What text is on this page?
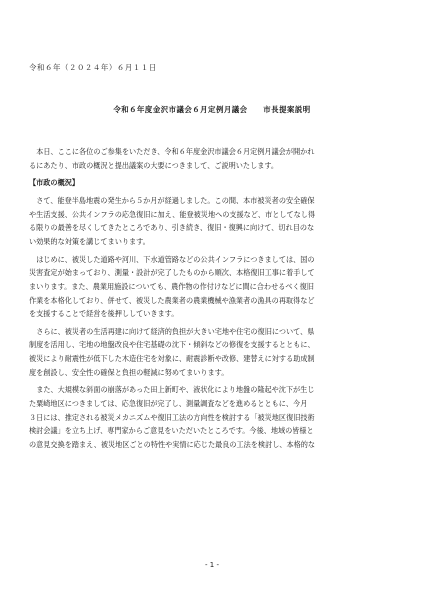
令和６年（２０２４年）６月１１日
令和６年度金沢市議会６月定例月議会　　市長提案説明
本日、ここに各位のご参集をいただき、令和６年度金沢市議会６月定例月議会が開かれ
るにあたり、市政の概況と提出議案の大要につきまして、ご説明いたします。
【市政の概況】
さて、能登半島地震の発生から５か月が経過しました。この間、本市被災者の安全確保
や生活支援、公共インフラの応急復旧に加え、能登被災地への支援など、市としてなし得
る限りの最善を尽くしてきたところであり、引き続き、復旧・復興に向けて、切れ目のな
い効果的な対策を講じてまいります。
はじめに、被災した道路や河川、下水道管路などの公共インフラにつきましては、国の
災害査定が始まっており、測量・設計が完了したものから順次、本格復旧工事に着手して
まいります。また、農業用施設についても、農作物の作付けなどに間に合わせるべく復旧
作業を本格化しており、併せて、被災した農業者の農業機械や漁業者の漁具の再取得など
を支援することで経営を後押ししていきます。
さらに、被災者の生活再建に向けて経済的負担が大きい宅地や住宅の復旧について、県
制度を活用し、宅地の地盤改良や住宅基礎の沈下・傾斜などの修復を支援するとともに、
被災により耐震性が低下した木造住宅を対象に、耐震診断や改修、建替えに対する助成制
度を創設し、安全性の確保と負担の軽減に努めてまいります。
また、大規模な斜面の崩落があった田上新町や、液状化により地盤の隆起や沈下が生じ
た粟崎地区につきましては、応急復旧が完了し、測量調査などを進めるとともに、今月
３日には、推定される被災メカニズムや復旧工法の方向性を検討する「被災地区復旧技術
検討会議」を立ち上げ、専門家からご意見をいただいたところです。今後、地域の皆様と
の意見交換を踏まえ、被災地区ごとの特性や実情に応じた最良の工法を検討し、本格的な
- 1 -
